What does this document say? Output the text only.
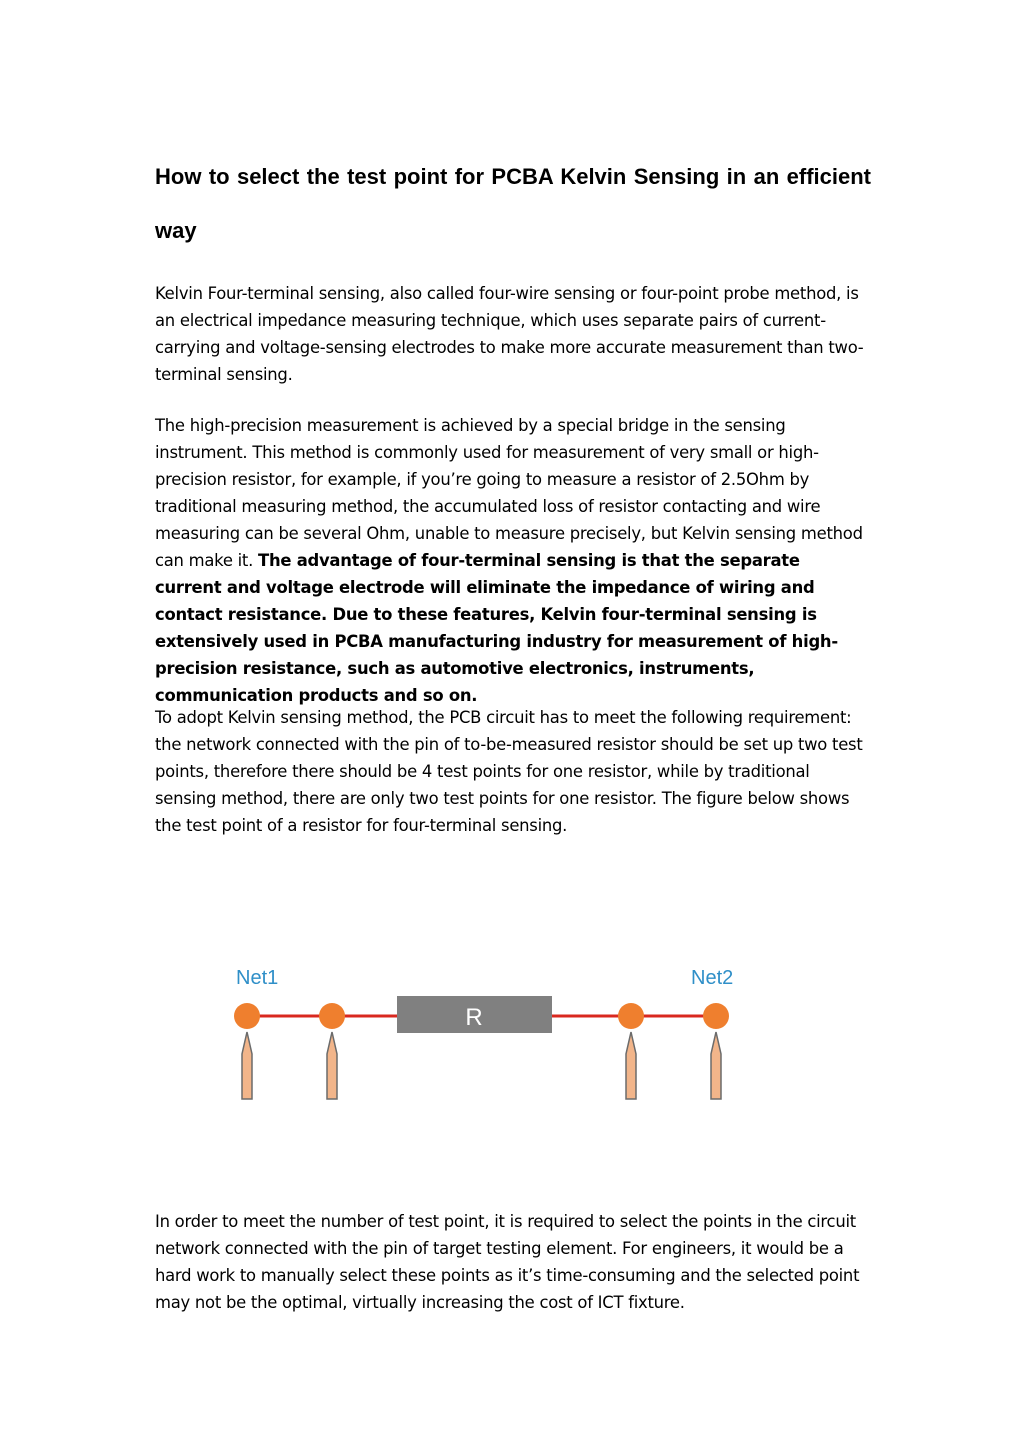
How to select the test point for PCBA Kelvin Sensing in an efficient way

Kelvin Four-terminal sensing, also called four-wire sensing or four-point probe method, is an electrical impedance measuring technique, which uses separate pairs of current-carrying and voltage-sensing electrodes to make more accurate measurement than two-terminal sensing.

The high-precision measurement is achieved by a special bridge in the sensing instrument. This method is commonly used for measurement of very small or high-precision resistor, for example, if you’re going to measure a resistor of 2.5Ohm by traditional measuring method, the accumulated loss of resistor contacting and wire measuring can be several Ohm, unable to measure precisely, but Kelvin sensing method can make it. The advantage of four-terminal sensing is that the separate current and voltage electrode will eliminate the impedance of wiring and contact resistance. Due to these features, Kelvin four-terminal sensing is extensively used in PCBA manufacturing industry for measurement of high-precision resistance, such as automotive electronics, instruments, communication products and so on.

To adopt Kelvin sensing method, the PCB circuit has to meet the following requirement: the network connected with the pin of to-be-measured resistor should be set up two test points, therefore there should be 4 test points for one resistor, while by traditional sensing method, there are only two test points for one resistor. The figure below shows the test point of a resistor for four-terminal sensing.

In order to meet the number of test point, it is required to select the points in the circuit network connected with the pin of target testing element. For engineers, it would be a hard work to manually select these points as it’s time-consuming and the selected point may not be the optimal, virtually increasing the cost of ICT fixture.

Net1	Net2
R
